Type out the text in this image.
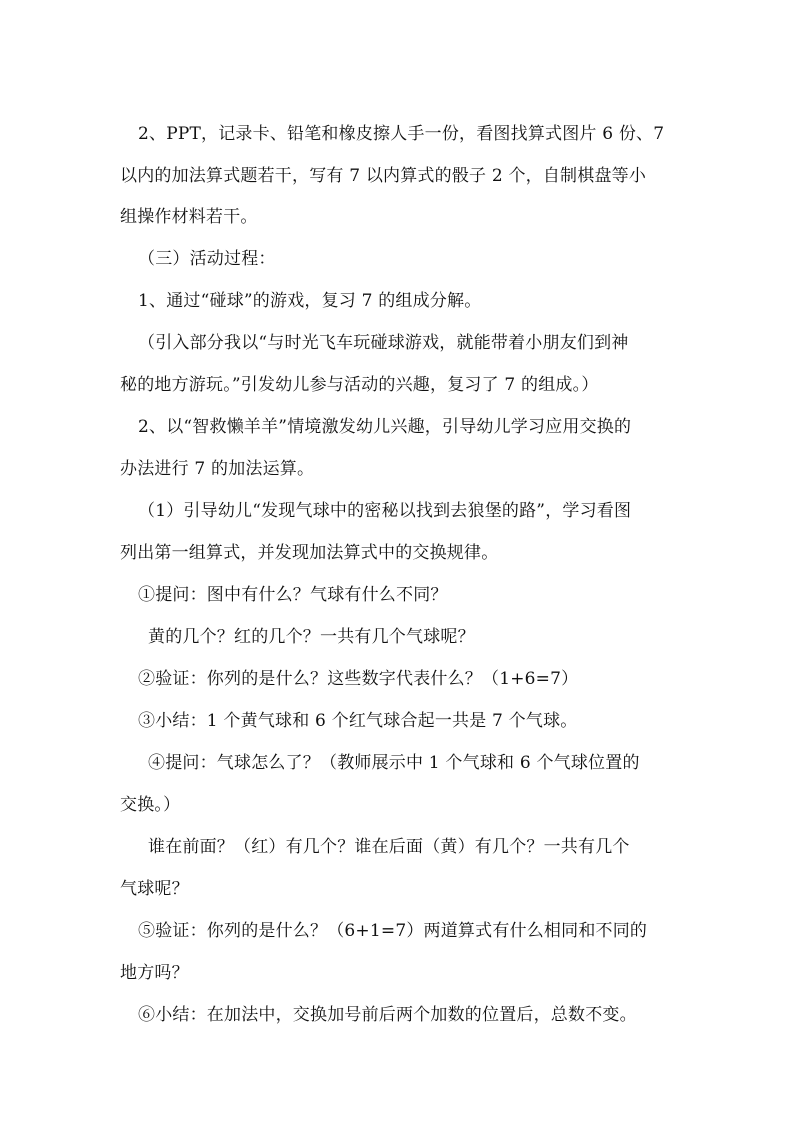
2、PPT，记录卡、铅笔和橡皮擦人手一份，看图找算式图片 6 份、7
以内的加法算式题若干，写有 7 以内算式的骰子 2 个，自制棋盘等小
组操作材料若干。
（三）活动过程：
1、通过“碰球”的游戏，复习 7 的组成分解。
（引入部分我以“与时光飞车玩碰球游戏，就能带着小朋友们到神
秘的地方游玩。”引发幼儿参与活动的兴趣，复习了 7 的组成。）
2、以“智救懒羊羊”情境激发幼儿兴趣，引导幼儿学习应用交换的
办法进行 7 的加法运算。
（1）引导幼儿“发现气球中的密秘以找到去狼堡的路”，学习看图
列出第一组算式，并发现加法算式中的交换规律。
①提问：图中有什么？气球有什么不同？
黄的几个？红的几个？一共有几个气球呢？
②验证：你列的是什么？这些数字代表什么？（1+6=7）
③小结：1 个黄气球和 6 个红气球合起一共是 7 个气球。
④提问：气球怎么了？（教师展示中 1 个气球和 6 个气球位置的
交换。）
谁在前面？（红）有几个？谁在后面（黄）有几个？一共有几个
气球呢？
⑤验证：你列的是什么？（6+1=7）两道算式有什么相同和不同的
地方吗？
⑥小结：在加法中，交换加号前后两个加数的位置后，总数不变。
